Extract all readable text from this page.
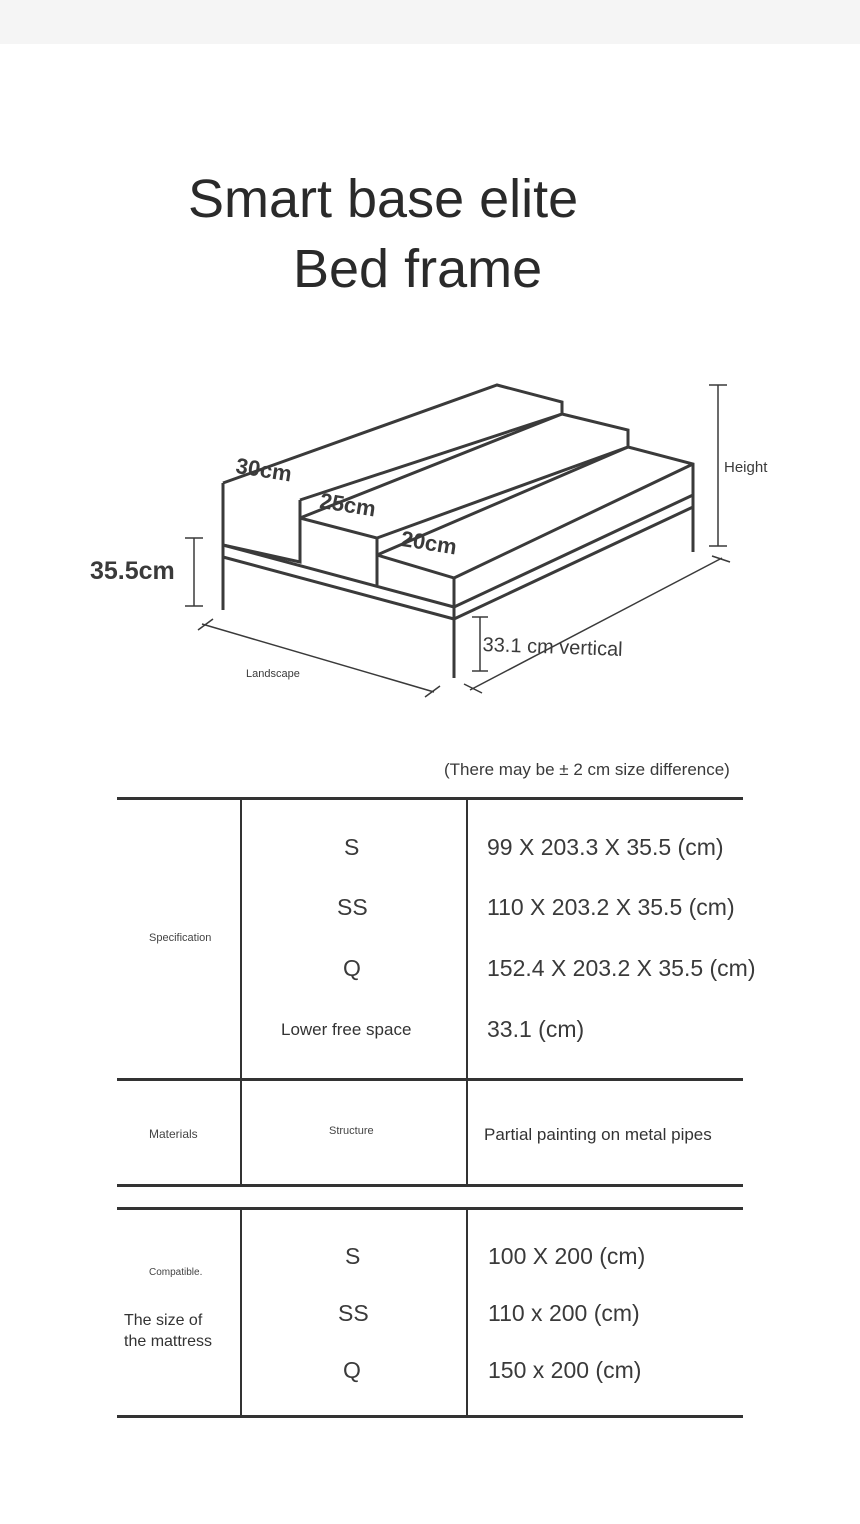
Smart base elite
Bed frame
30cm
25cm
20cm
35.5cm
Height
Landscape
33.1 cm vertical
(There may be ± 2 cm size difference)
Specification
S	99 X 203.3 X 35.5 (cm)
SS	110 X 203.2 X 35.5 (cm)
Q	152.4 X 203.2 X 35.5 (cm)
Lower free space	33.1 (cm)
Materials	Structure	Partial painting on metal pipes
Compatible.
The size of
the mattress
S	100 X 200 (cm)
SS	110 x 200 (cm)
Q	150 x 200 (cm)
